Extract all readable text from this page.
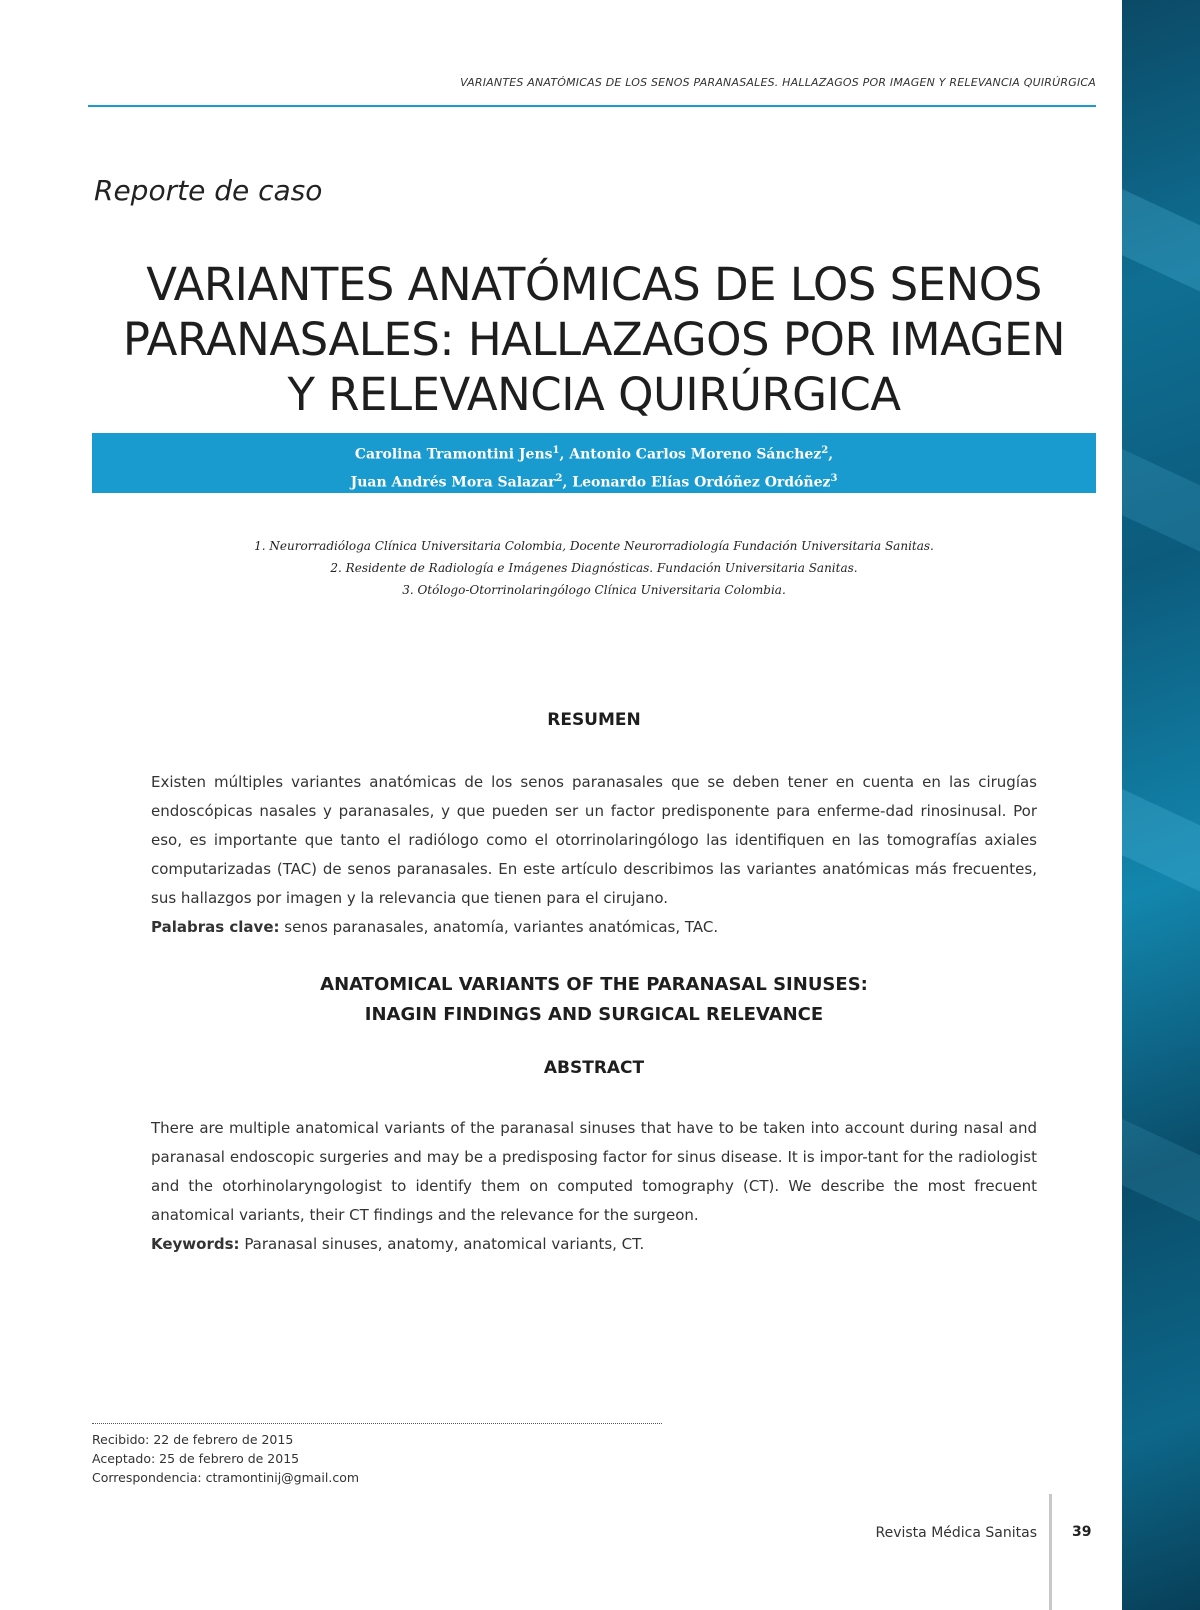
VARIANTES ANATÓMICAS DE LOS SENOS PARANASALES. HALLAZAGOS POR IMAGEN Y RELEVANCIA QUIRÚRGICA
Reporte de caso
VARIANTES ANATÓMICAS DE LOS SENOS
PARANASALES: HALLAZAGOS POR IMAGEN
Y RELEVANCIA QUIRÚRGICA
Carolina Tramontini Jens$^1$, Antonio Carlos Moreno Sánchez$^2$,
Juan Andrés Mora Salazar$^2$, Leonardo Elías Ordóñez Ordóñez$^3$
1. Neurorradióloga Clínica Universitaria Colombia, Docente Neurorradiología Fundación Universitaria Sanitas.
2. Residente de Radiología e Imágenes Diagnósticas. Fundación Universitaria Sanitas.
3. Otólogo-Otorrinolaringólogo Clínica Universitaria Colombia.
RESUMEN
Existen múltiples variantes anatómicas de los senos paranasales que se deben tener en cuenta en las cirugías endoscópicas nasales y paranasales, y que pueden ser un factor predisponente para enferme-dad rinosinusal. Por eso, es importante que tanto el radiólogo como el otorrinolaringólogo las identifiquen en las tomografías axiales computarizadas (TAC) de senos paranasales. En este artículo describimos las variantes anatómicas más frecuentes, sus hallazgos por imagen y la relevancia que tienen para el cirujano.
Palabras clave: senos paranasales, anatomía, variantes anatómicas, TAC.
ANATOMICAL VARIANTS OF THE PARANASAL SINUSES:
INAGIN FINDINGS AND SURGICAL RELEVANCE
ABSTRACT
There are multiple anatomical variants of the paranasal sinuses that have to be taken into account during nasal and paranasal endoscopic surgeries and may be a predisposing factor for sinus disease. It is impor-tant for the radiologist and the otorhinolaryngologist to identify them on computed tomography (CT). We describe the most frecuent anatomical variants, their CT findings and the relevance for the surgeon.
Keywords: Paranasal sinuses, anatomy, anatomical variants, CT.
Recibido: 22 de febrero de 2015
Aceptado: 25 de febrero de 2015
Correspondencia: ctramontinij@gmail.com
Revista Médica Sanitas	39
